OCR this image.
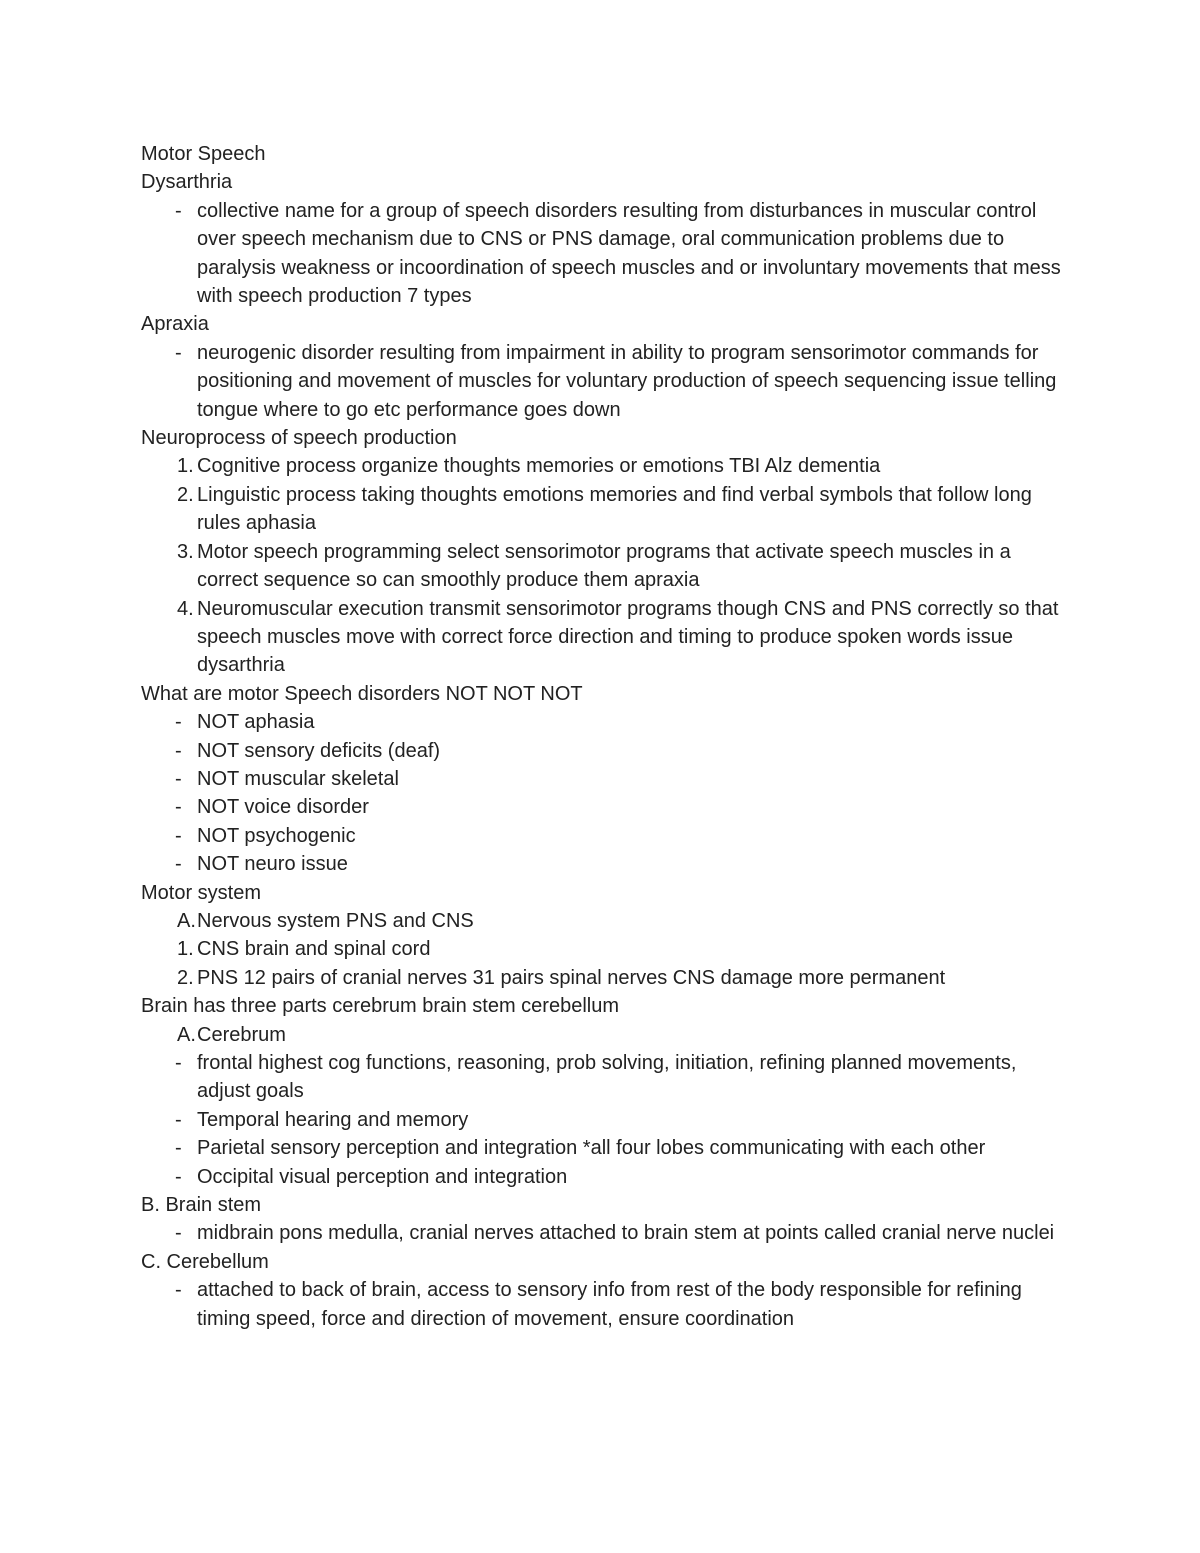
Motor Speech
Dysarthria
- collective name for a group of speech disorders resulting from disturbances in muscular control over speech mechanism due to CNS or PNS damage, oral communication problems due to paralysis weakness or incoordination of speech muscles and or involuntary movements that mess with speech production 7 types
Apraxia
- neurogenic disorder resulting from impairment in ability to program sensorimotor commands for positioning and movement of muscles for voluntary production of speech sequencing issue telling tongue where to go etc performance goes down
Neuroprocess of speech production
1. Cognitive process organize thoughts memories or emotions TBI Alz dementia
2. Linguistic process taking thoughts emotions memories and find verbal symbols that follow long rules aphasia
3. Motor speech programming select sensorimotor programs that activate speech muscles in a correct sequence so can smoothly produce them apraxia
4. Neuromuscular execution transmit sensorimotor programs though CNS and PNS correctly so that speech muscles move with correct force direction and timing to produce spoken words issue dysarthria
What are motor Speech disorders NOT NOT NOT
- NOT aphasia
- NOT sensory deficits (deaf)
- NOT muscular skeletal
- NOT voice disorder
- NOT psychogenic
- NOT neuro issue
Motor system
A. Nervous system PNS and CNS
1. CNS brain and spinal cord
2. PNS 12 pairs of cranial nerves 31 pairs spinal nerves CNS damage more permanent
Brain has three parts cerebrum brain stem cerebellum
A. Cerebrum
- frontal highest cog functions, reasoning, prob solving, initiation, refining planned movements, adjust goals
- Temporal hearing and memory
- Parietal sensory perception and integration *all four lobes communicating with each other
- Occipital visual perception and integration
B. Brain stem
- midbrain pons medulla, cranial nerves attached to brain stem at points called cranial nerve nuclei
C. Cerebellum
- attached to back of brain, access to sensory info from rest of the body responsible for refining timing speed, force and direction of movement, ensure coordination
